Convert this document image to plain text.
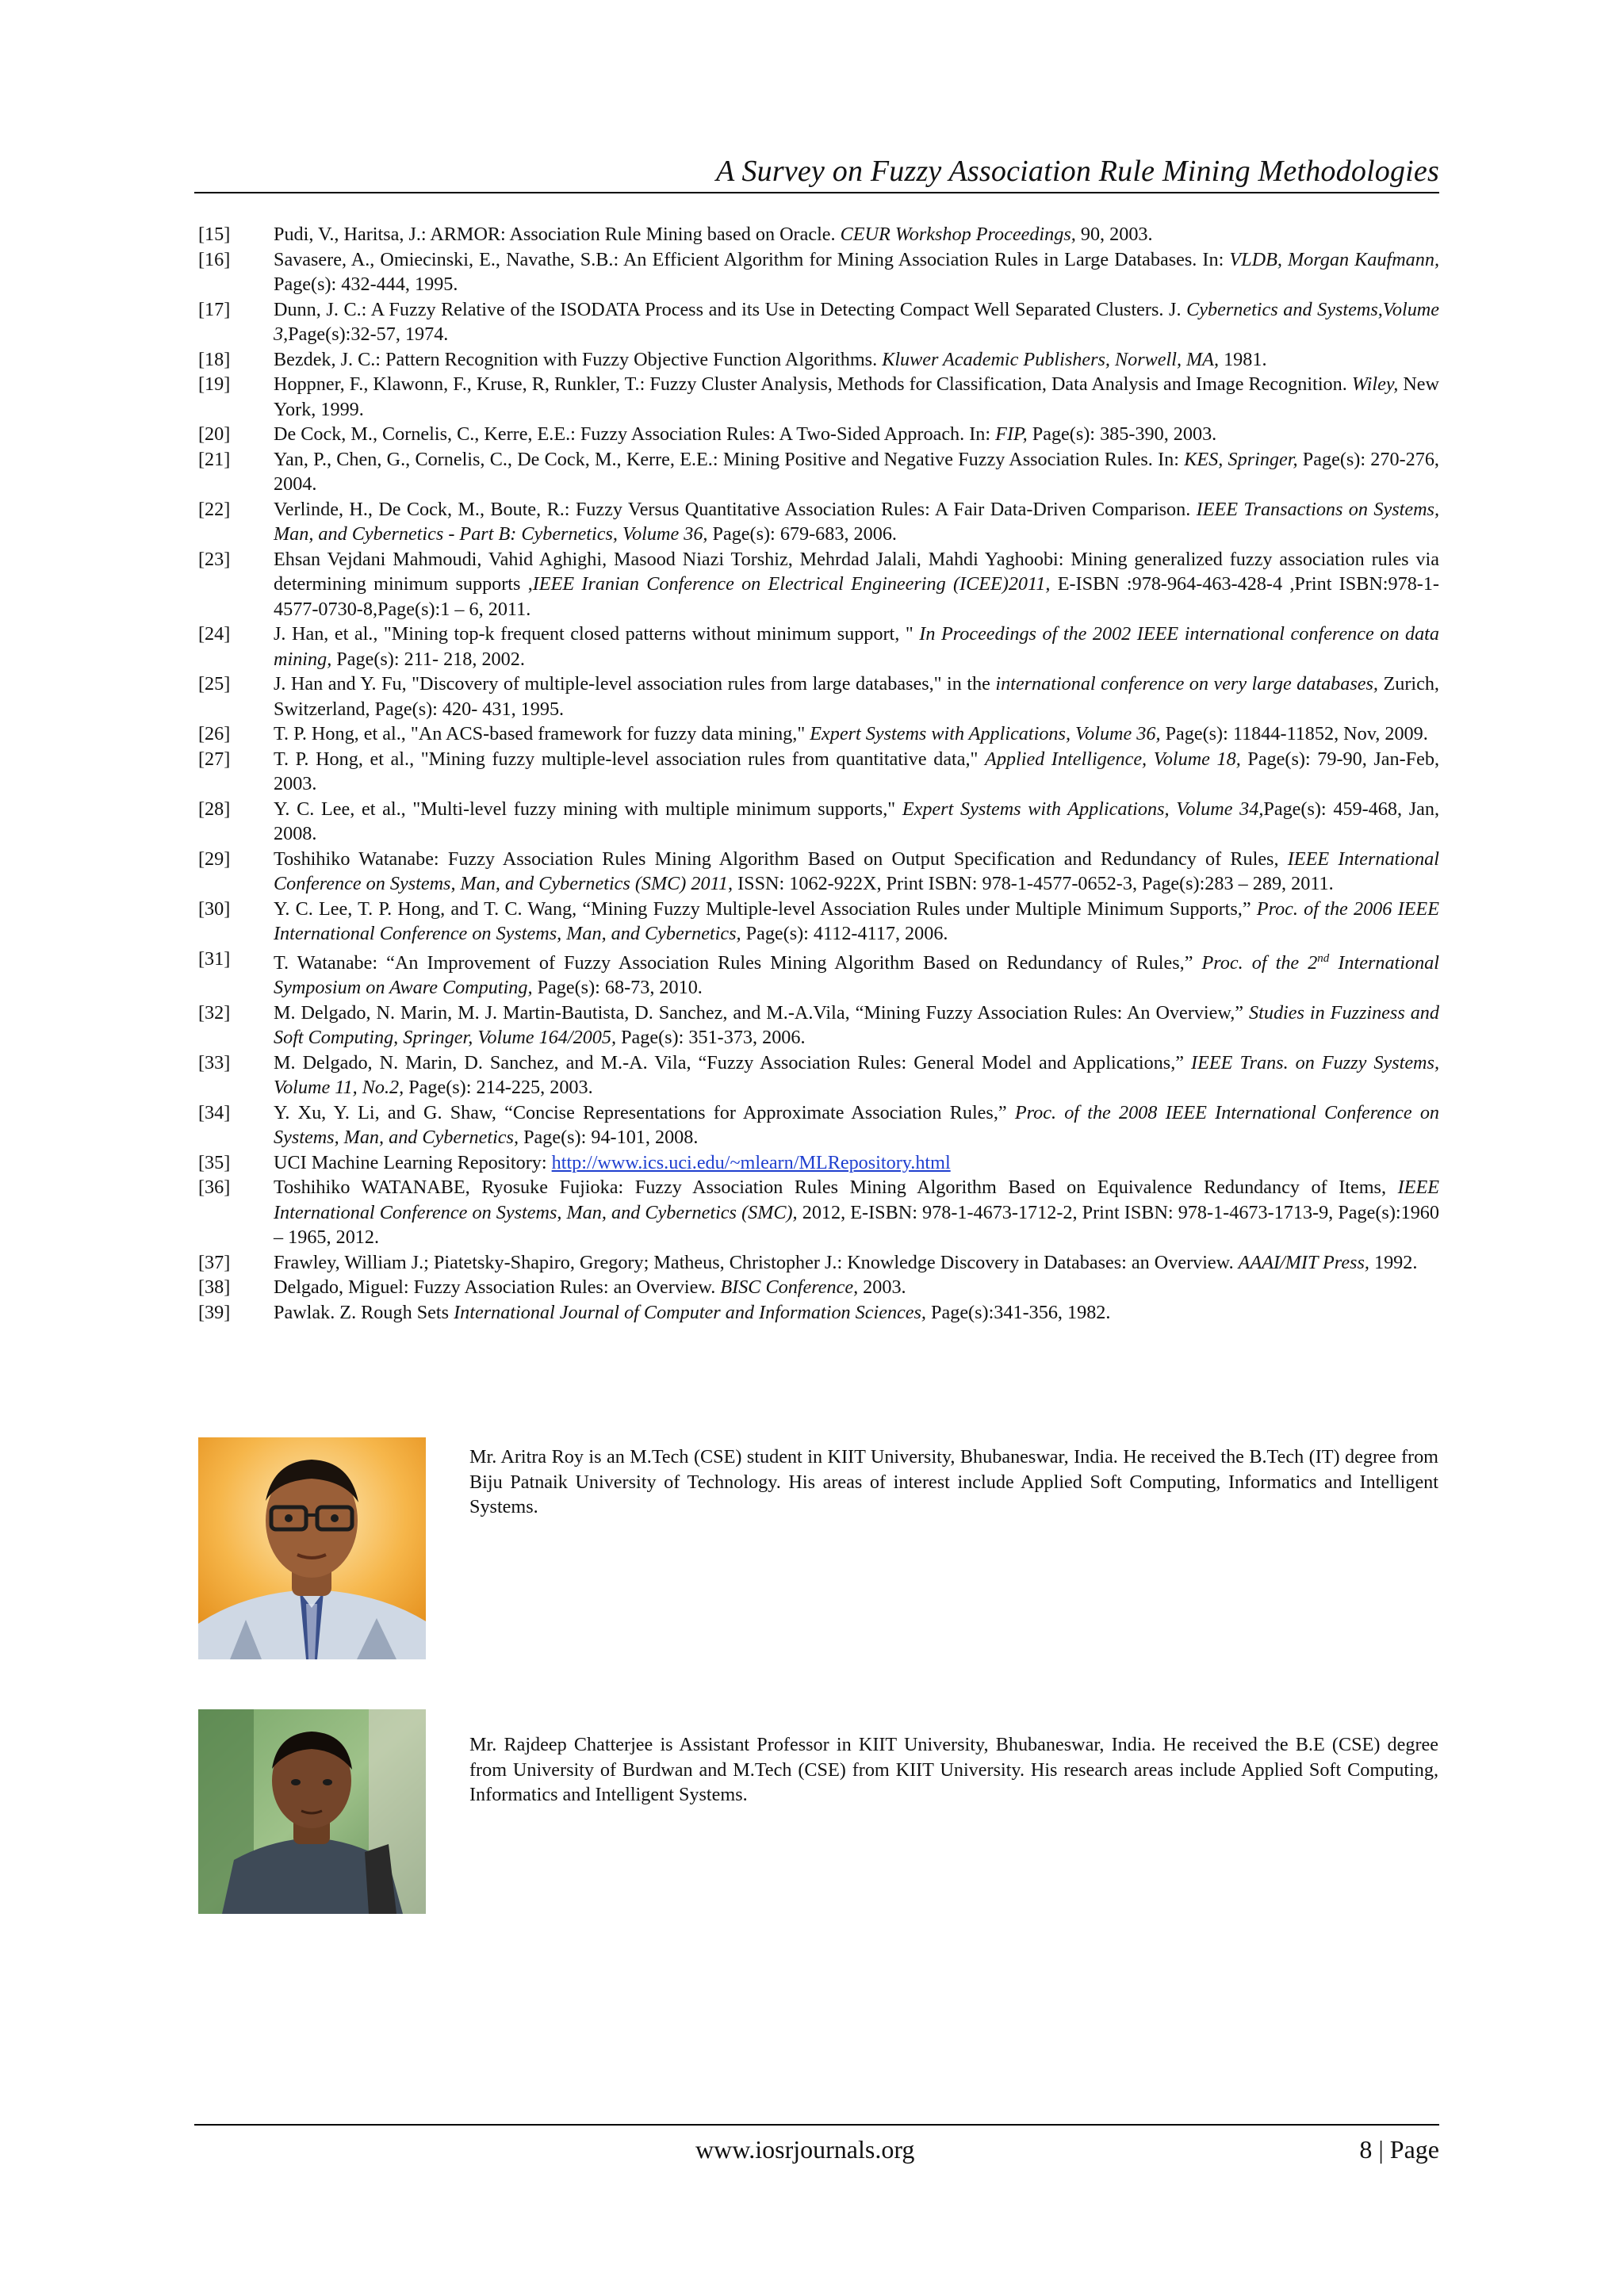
A Survey on Fuzzy Association Rule Mining Methodologies
[15]	Pudi, V., Haritsa, J.: ARMOR: Association Rule Mining based on Oracle. CEUR Workshop Proceedings, 90, 2003.
[16]	Savasere, A., Omiecinski, E., Navathe, S.B.: An Efficient Algorithm for Mining Association Rules in Large Databases. In: VLDB, Morgan Kaufmann, Page(s): 432-444, 1995.
[17]	Dunn, J. C.: A Fuzzy Relative of the ISODATA Process and its Use in Detecting Compact Well Separated Clusters. J. Cybernetics and Systems,Volume 3,Page(s):32-57, 1974.
[18]	Bezdek, J. C.: Pattern Recognition with Fuzzy Objective Function Algorithms. Kluwer Academic Publishers, Norwell, MA, 1981.
[19]	Hoppner, F., Klawonn, F., Kruse, R, Runkler, T.: Fuzzy Cluster Analysis, Methods for Classification, Data Analysis and Image Recognition. Wiley, New York, 1999.
[20]	De Cock, M., Cornelis, C., Kerre, E.E.: Fuzzy Association Rules: A Two-Sided Approach. In: FIP, Page(s): 385-390, 2003.
[21]	Yan, P., Chen, G., Cornelis, C., De Cock, M., Kerre, E.E.: Mining Positive and Negative Fuzzy Association Rules. In: KES, Springer, Page(s): 270-276, 2004.
[22]	Verlinde, H., De Cock, M., Boute, R.: Fuzzy Versus Quantitative Association Rules: A Fair Data-Driven Comparison. IEEE Transactions on Systems, Man, and Cybernetics - Part B: Cybernetics, Volume 36, Page(s): 679-683, 2006.
[23]	Ehsan Vejdani Mahmoudi, Vahid Aghighi, Masood Niazi Torshiz, Mehrdad Jalali, Mahdi Yaghoobi: Mining generalized fuzzy association rules via determining minimum supports ,IEEE Iranian Conference on Electrical Engineering (ICEE)2011, E-ISBN :978-964-463-428-4 ,Print ISBN:978-1-4577-0730-8,Page(s):1 – 6, 2011.
[24]	J. Han, et al., "Mining top-k frequent closed patterns without minimum support, " In Proceedings of the 2002 IEEE international conference on data mining, Page(s): 211- 218, 2002.
[25]	J. Han and Y. Fu, "Discovery of multiple-level association rules from large databases," in the international conference on very large databases, Zurich, Switzerland, Page(s): 420- 431, 1995.
[26]	T. P. Hong, et al., "An ACS-based framework for fuzzy data mining," Expert Systems with Applications, Volume 36, Page(s): 11844-11852, Nov, 2009.
[27]	T. P. Hong, et al., "Mining fuzzy multiple-level association rules from quantitative data," Applied Intelligence, Volume 18, Page(s): 79-90, Jan-Feb, 2003.
[28]	Y. C. Lee, et al., "Multi-level fuzzy mining with multiple minimum supports," Expert Systems with Applications, Volume 34,Page(s): 459-468, Jan, 2008.
[29]	Toshihiko Watanabe: Fuzzy Association Rules Mining Algorithm Based on Output Specification and Redundancy of Rules, IEEE International Conference on Systems, Man, and Cybernetics (SMC) 2011, ISSN: 1062-922X, Print ISBN: 978-1-4577-0652-3, Page(s):283 – 289, 2011.
[30]	Y. C. Lee, T. P. Hong, and T. C. Wang, “Mining Fuzzy Multiple-level Association Rules under Multiple Minimum Supports,” Proc. of the 2006 IEEE International Conference on Systems, Man, and Cybernetics, Page(s): 4112-4117, 2006.
[31]	T. Watanabe: “An Improvement of Fuzzy Association Rules Mining Algorithm Based on Redundancy of Rules,” Proc. of the 2nd International Symposium on Aware Computing, Page(s): 68-73, 2010.
[32]	M. Delgado, N. Marin, M. J. Martin-Bautista, D. Sanchez, and M.-A.Vila, “Mining Fuzzy Association Rules: An Overview,” Studies in Fuzziness and Soft Computing, Springer, Volume 164/2005, Page(s): 351-373, 2006.
[33]	M. Delgado, N. Marin, D. Sanchez, and M.-A. Vila, “Fuzzy Association Rules: General Model and Applications,” IEEE Trans. on Fuzzy Systems, Volume 11, No.2, Page(s): 214-225, 2003.
[34]	Y. Xu, Y. Li, and G. Shaw, “Concise Representations for Approximate Association Rules,” Proc. of the 2008 IEEE International Conference on Systems, Man, and Cybernetics, Page(s): 94-101, 2008.
[35]	UCI Machine Learning Repository: http://www.ics.uci.edu/~mlearn/MLRepository.html
[36]	Toshihiko WATANABE, Ryosuke Fujioka: Fuzzy Association Rules Mining Algorithm Based on Equivalence Redundancy of Items, IEEE International Conference on Systems, Man, and Cybernetics (SMC), 2012, E-ISBN: 978-1-4673-1712-2, Print ISBN: 978-1-4673-1713-9, Page(s):1960 – 1965, 2012.
[37]	Frawley, William J.; Piatetsky-Shapiro, Gregory; Matheus, Christopher J.: Knowledge Discovery in Databases: an Overview. AAAI/MIT Press, 1992.
[38]	Delgado, Miguel: Fuzzy Association Rules: an Overview. BISC Conference, 2003.
[39]	Pawlak. Z. Rough Sets International Journal of Computer and Information Sciences, Page(s):341-356, 1982.
Mr. Aritra Roy is an M.Tech (CSE) student in KIIT University, Bhubaneswar, India. He received the B.Tech (IT) degree from Biju Patnaik University of Technology. His areas of interest include Applied Soft Computing, Informatics and Intelligent Systems.
Mr. Rajdeep Chatterjee is Assistant Professor in KIIT University, Bhubaneswar, India. He received the B.E (CSE) degree from University of Burdwan and M.Tech (CSE) from KIIT University. His research areas include Applied Soft Computing, Informatics and Intelligent Systems.
www.iosrjournals.org	8 | Page
